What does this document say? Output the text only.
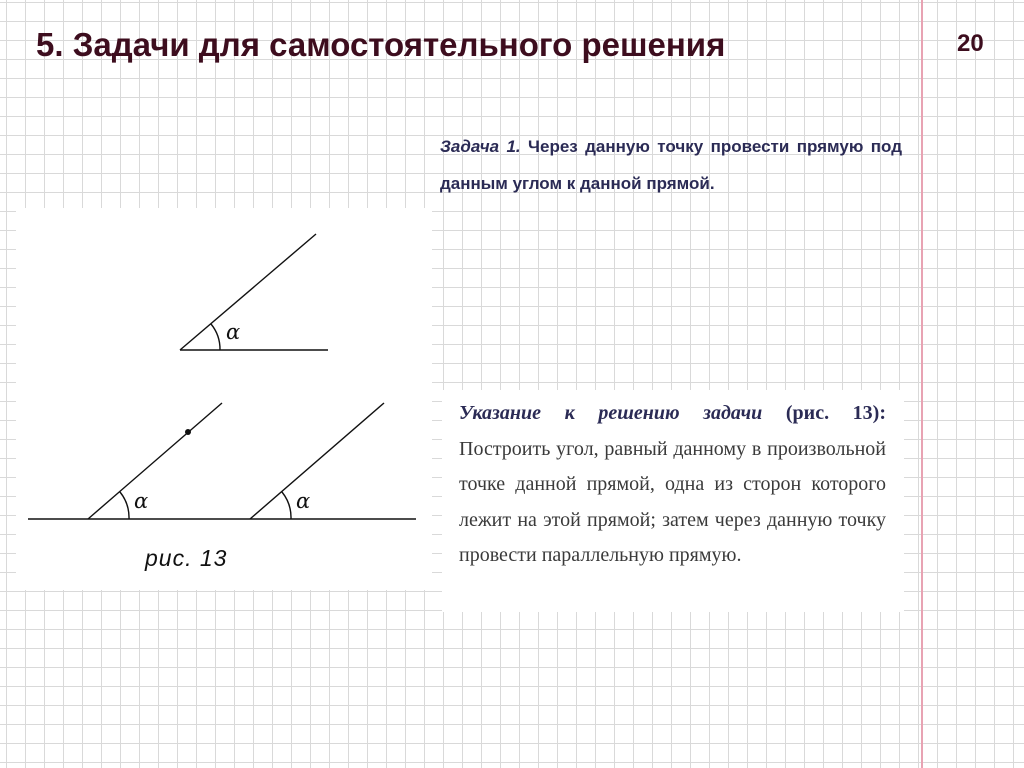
5. Задачи для самостоятельного решения	20

Задача 1. Через данную точку провести прямую под данным углом к данной прямой.

α
α	α
рис. 13

Указание к решению задачи (рис. 13): Построить угол, равный данному в произвольной точке данной прямой, одна из сторон которого лежит на этой прямой; затем через данную точку провести параллельную прямую.
